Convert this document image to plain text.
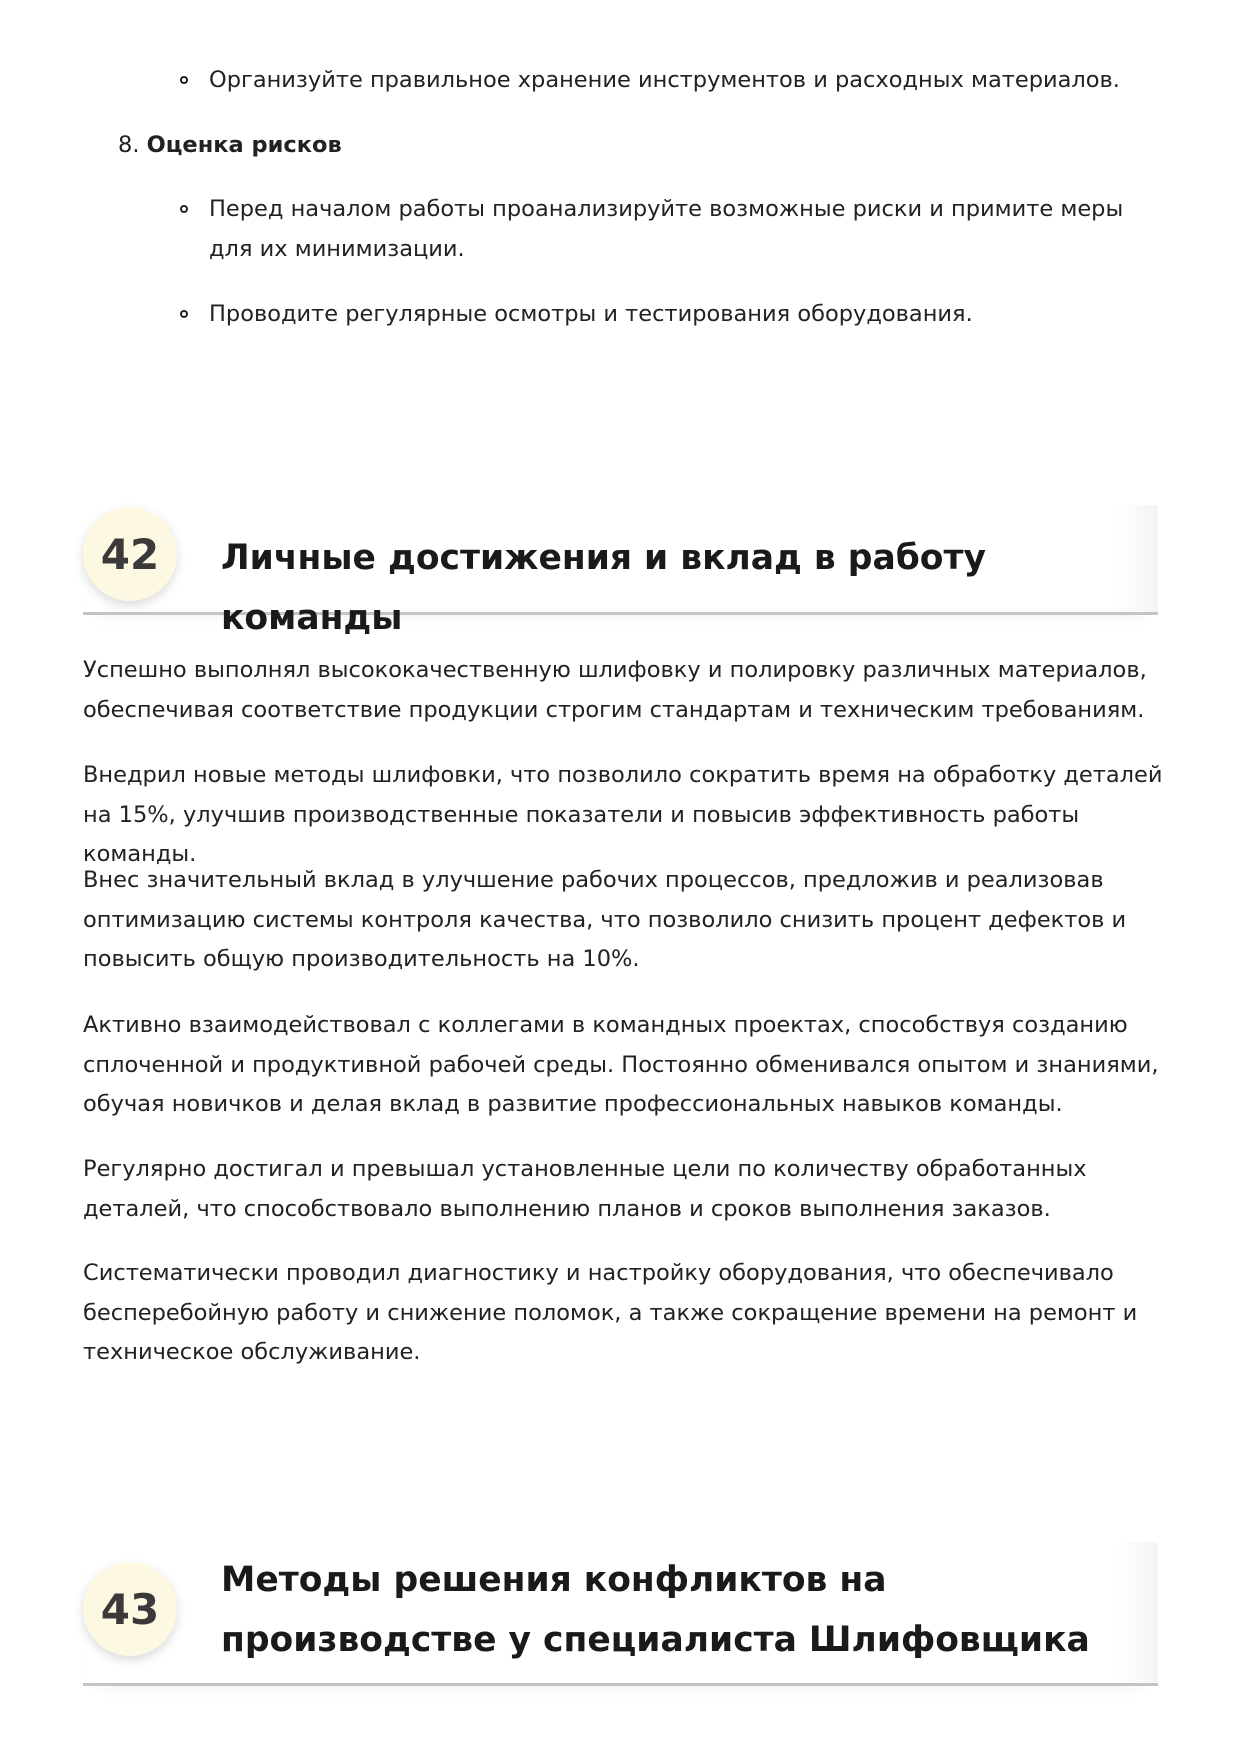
Организуйте правильное хранение инструментов и расходных материалов.
8. Оценка рисков
Перед началом работы проанализируйте возможные риски и примите меры для их минимизации.
Проводите регулярные осмотры и тестирования оборудования.
42	Личные достижения и вклад в работу команды
Успешно выполнял высококачественную шлифовку и полировку различных материалов, обеспечивая соответствие продукции строгим стандартам и техническим требованиям.
Внедрил новые методы шлифовки, что позволило сократить время на обработку деталей на 15%, улучшив производственные показатели и повысив эффективность работы команды.
Внес значительный вклад в улучшение рабочих процессов, предложив и реализовав оптимизацию системы контроля качества, что позволило снизить процент дефектов и повысить общую производительность на 10%.
Активно взаимодействовал с коллегами в командных проектах, способствуя созданию сплоченной и продуктивной рабочей среды. Постоянно обменивался опытом и знаниями, обучая новичков и делая вклад в развитие профессиональных навыков команды.
Регулярно достигал и превышал установленные цели по количеству обработанных деталей, что способствовало выполнению планов и сроков выполнения заказов.
Систематически проводил диагностику и настройку оборудования, что обеспечивало бесперебойную работу и снижение поломок, а также сокращение времени на ремонт и техническое обслуживание.
43
Методы решения конфликтов на производстве у специалиста Шлифовщика
